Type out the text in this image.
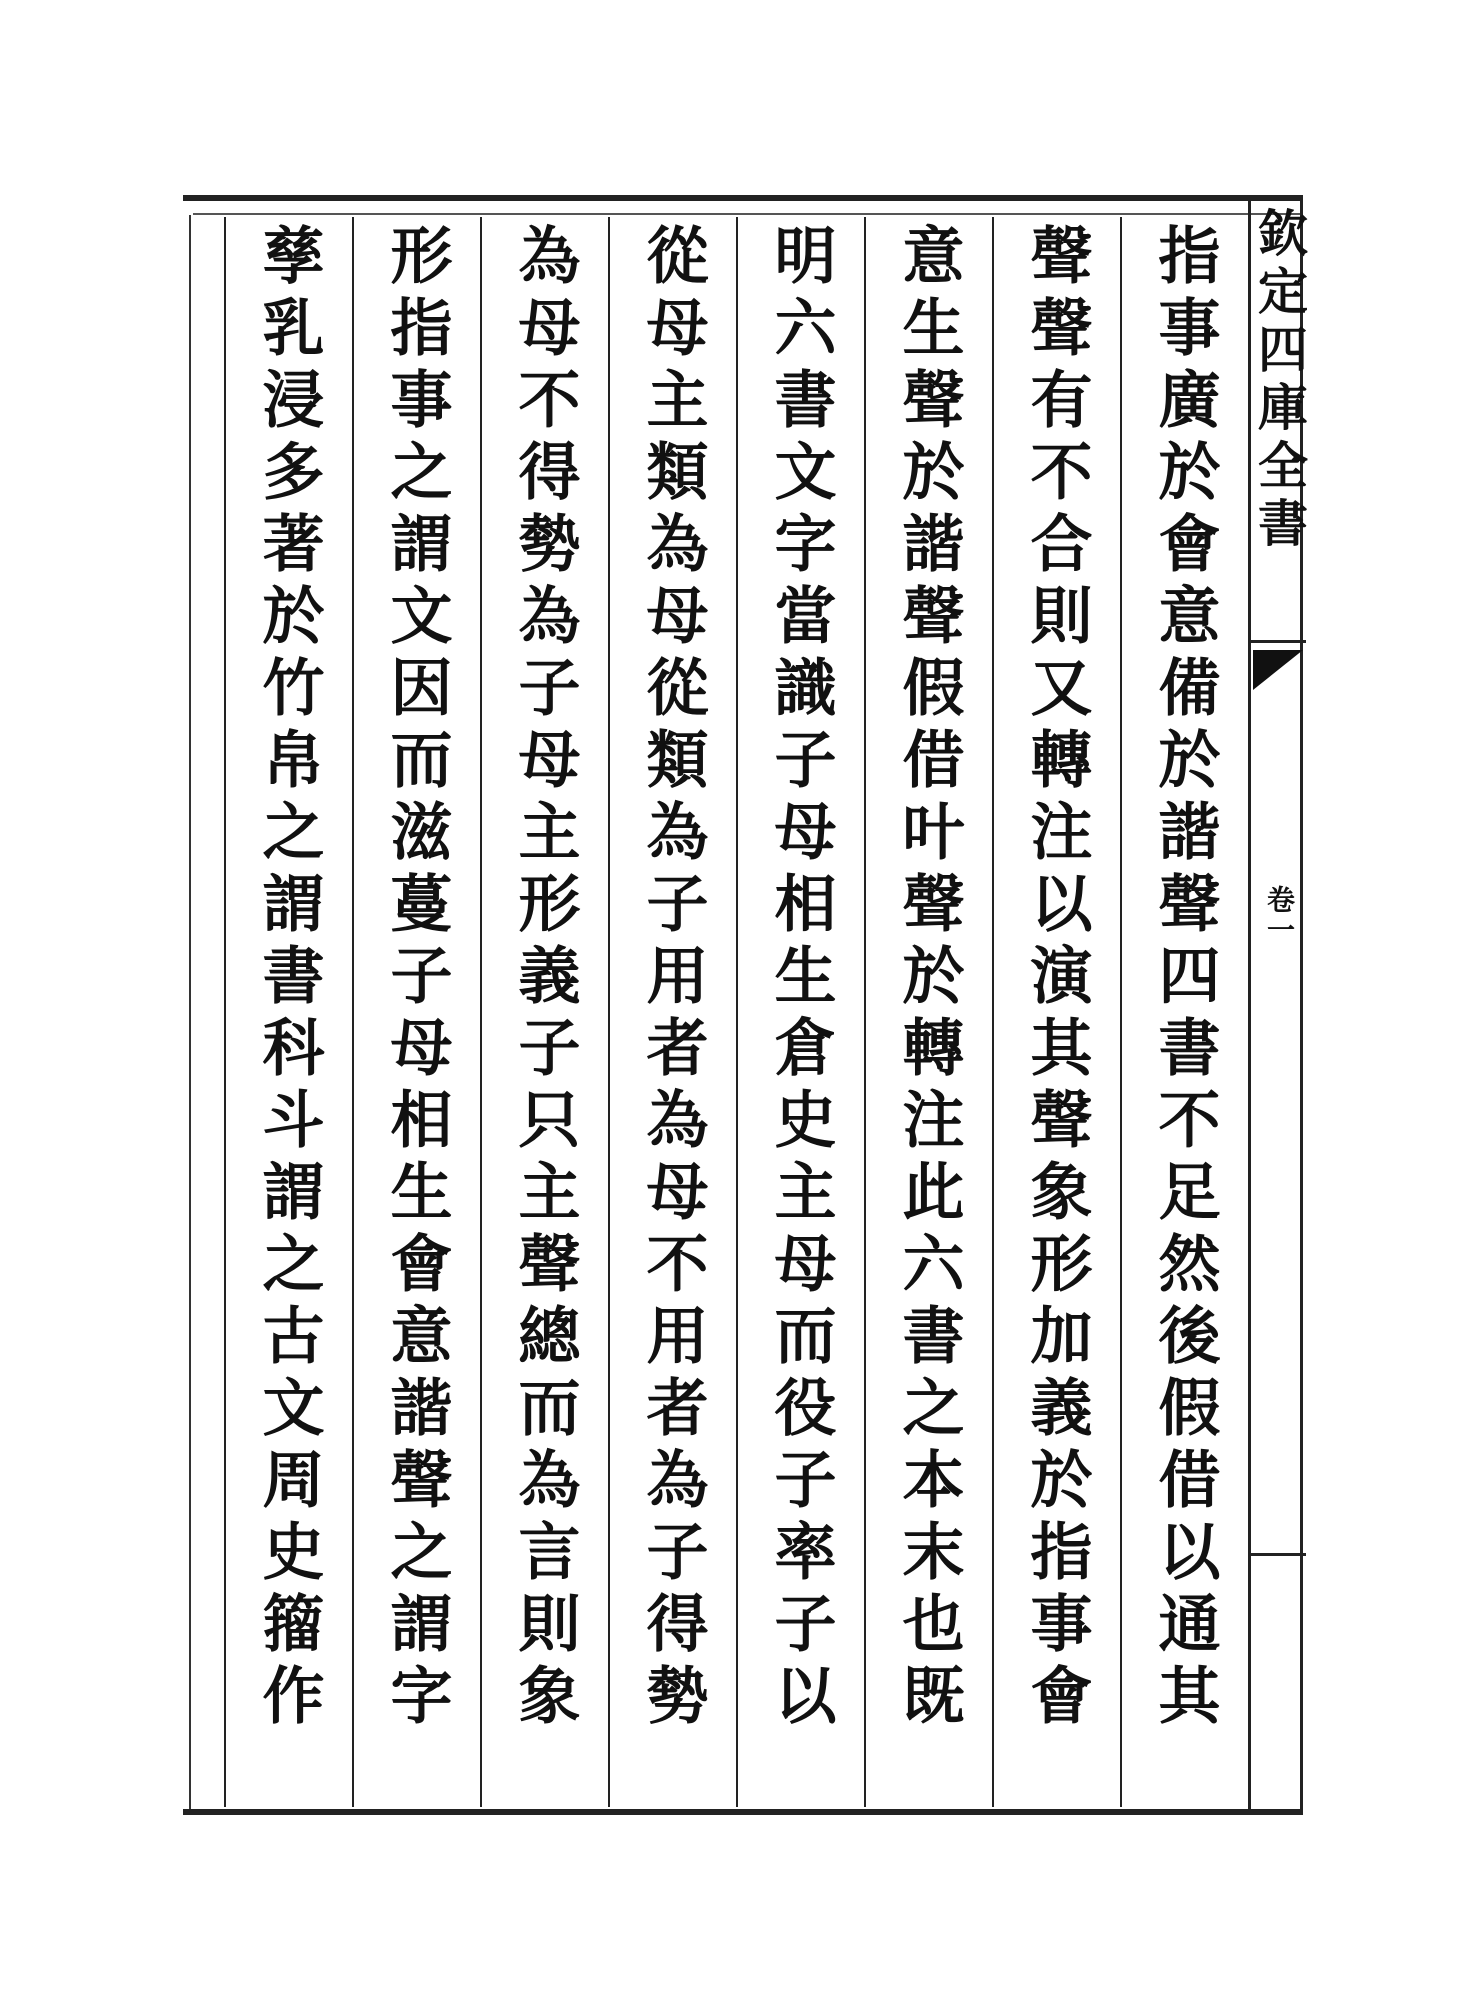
指事廣於會意備於諧聲四書不足然後假借以通其
聲聲有不合則又轉注以演其聲象形加義於指事會
意生聲於諧聲假借叶聲於轉注此六書之本末也既
明六書文字當識子母相生倉史主母而役子率子以
從母主類為母從類為子用者為母不用者為子得勢
為母不得勢為子母主形義子只主聲總而為言則象
形指事之謂文因而滋蔓子母相生會意諧聲之謂字
孳乳浸多著於竹帛之謂書科斗謂之古文周史籀作	欽定四庫全書
卷一
